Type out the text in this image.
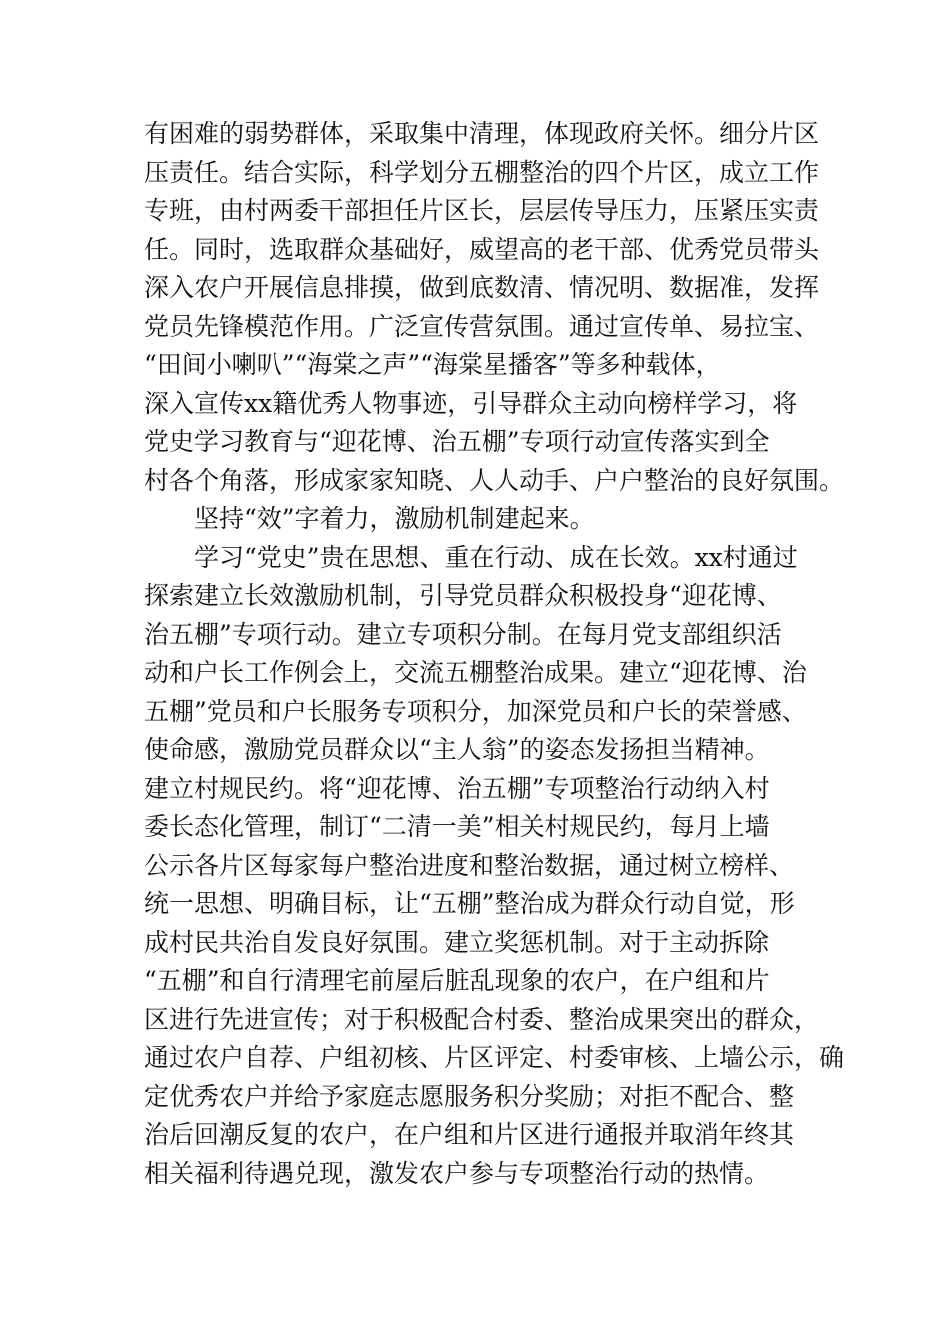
有困难的弱势群体，采取集中清理，体现政府关怀。细分片区
压责任。结合实际，科学划分五棚整治的四个片区，成立工作
专班，由村两委干部担任片区长，层层传导压力，压紧压实责
任。同时，选取群众基础好，威望高的老干部、优秀党员带头
深入农户开展信息排摸，做到底数清、情况明、数据准，发挥
党员先锋模范作用。广泛宣传营氛围。通过宣传单、易拉宝、
“田间小喇叭”“海棠之声”“海棠星播客”等多种载体，
深入宣传xx籍优秀人物事迹，引导群众主动向榜样学习，将
党史学习教育与“迎花博、治五棚”专项行动宣传落实到全
村各个角落，形成家家知晓、人人动手、户户整治的良好氛围。
坚持“效”字着力，激励机制建起来。
学习“党史”贵在思想、重在行动、成在长效。xx村通过
探索建立长效激励机制，引导党员群众积极投身“迎花博、
治五棚”专项行动。建立专项积分制。在每月党支部组织活
动和户长工作例会上，交流五棚整治成果。建立“迎花博、治
五棚”党员和户长服务专项积分，加深党员和户长的荣誉感、
使命感，激励党员群众以“主人翁”的姿态发扬担当精神。
建立村规民约。将“迎花博、治五棚”专项整治行动纳入村
委长态化管理，制订“二清一美”相关村规民约，每月上墙
公示各片区每家每户整治进度和整治数据，通过树立榜样、
统一思想、明确目标，让“五棚”整治成为群众行动自觉，形
成村民共治自发良好氛围。建立奖惩机制。对于主动拆除
“五棚”和自行清理宅前屋后脏乱现象的农户，在户组和片
区进行先进宣传；对于积极配合村委、整治成果突出的群众，
通过农户自荐、户组初核、片区评定、村委审核、上墙公示，确
定优秀农户并给予家庭志愿服务积分奖励；对拒不配合、整
治后回潮反复的农户，在户组和片区进行通报并取消年终其
相关福利待遇兑现，激发农户参与专项整治行动的热情。
